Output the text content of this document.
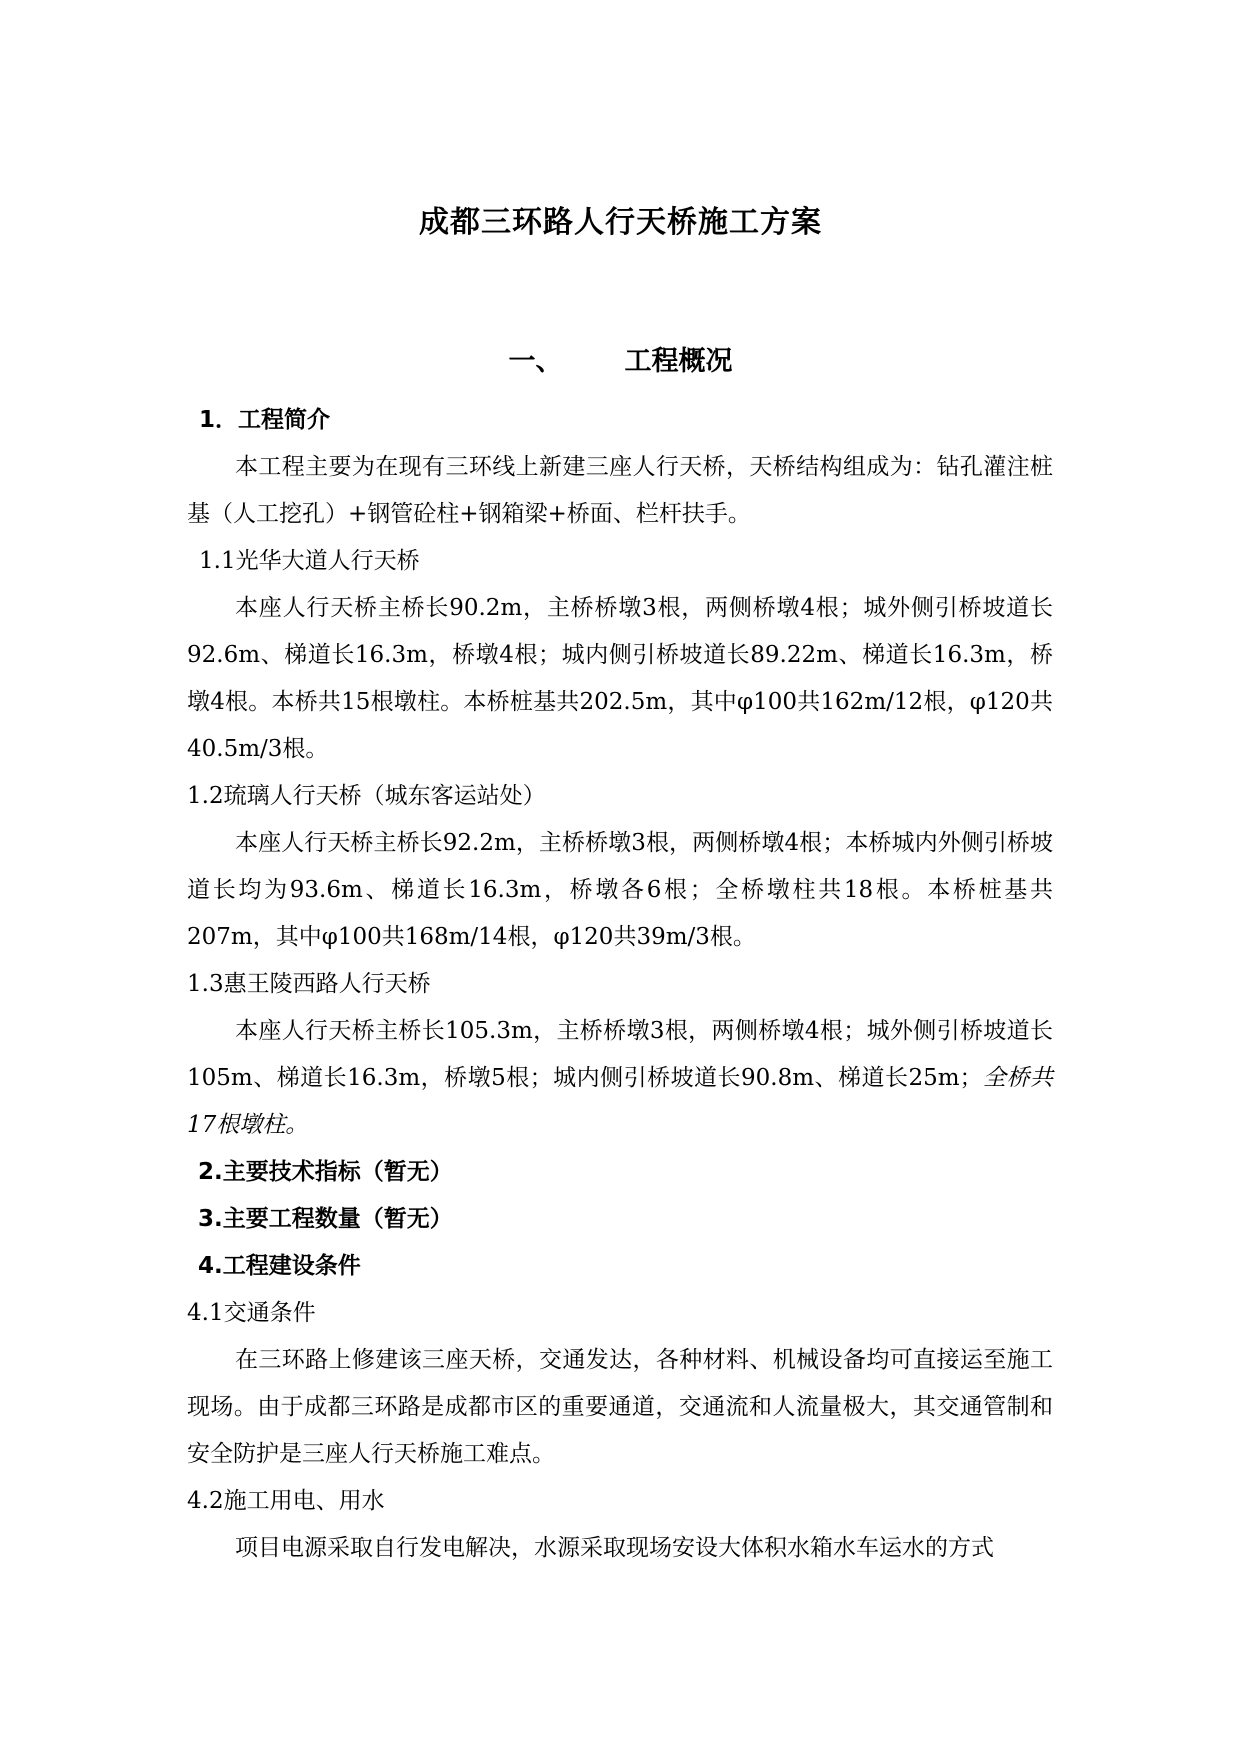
成都三环路人行天桥施工方案
一、 工程概况

1．工程简介

本工程主要为在现有三环线上新建三座人行天桥，天桥结构组成为：钻孔灌注桩基（人工挖孔）+钢管砼柱+钢箱梁+桥面、栏杆扶手。

1.1光华大道人行天桥

本座人行天桥主桥长90.2m，主桥桥墩3根，两侧桥墩4根；城外侧引桥坡道长92.6m、梯道长16.3m，桥墩4根；城内侧引桥坡道长89.22m、梯道长16.3m，桥墩4根。本桥共15根墩柱。本桥桩基共202.5m，其中φ100共162m/12根，φ120共40.5m/3根。

1.2琉璃人行天桥（城东客运站处）

本座人行天桥主桥长92.2m，主桥桥墩3根，两侧桥墩4根；本桥城内外侧引桥坡道长均为93.6m、梯道长16.3m，桥墩各6根；全桥墩柱共18根。本桥桩基共　207m，其中φ100共168m/14根，φ120共39m/3根。

1.3惠王陵西路人行天桥

本座人行天桥主桥长105.3m，主桥桥墩3根，两侧桥墩4根；城外侧引桥坡道长105m、梯道长16.3m，桥墩5根；城内侧引桥坡道长90.8m、梯道长25m；全桥共17根墩柱。

2.主要技术指标（暂无）

3.主要工程数量（暂无）

4.工程建设条件

4.1交通条件

在三环路上修建该三座天桥，交通发达，各种材料、机械设备均可直接运至施工现场。由于成都三环路是成都市区的重要通道，交通流和人流量极大，其交通管制和安全防护是三座人行天桥施工难点。

4.2施工用电、用水

项目电源采取自行发电解决，水源采取现场安设大体积水箱水车运水的方式
